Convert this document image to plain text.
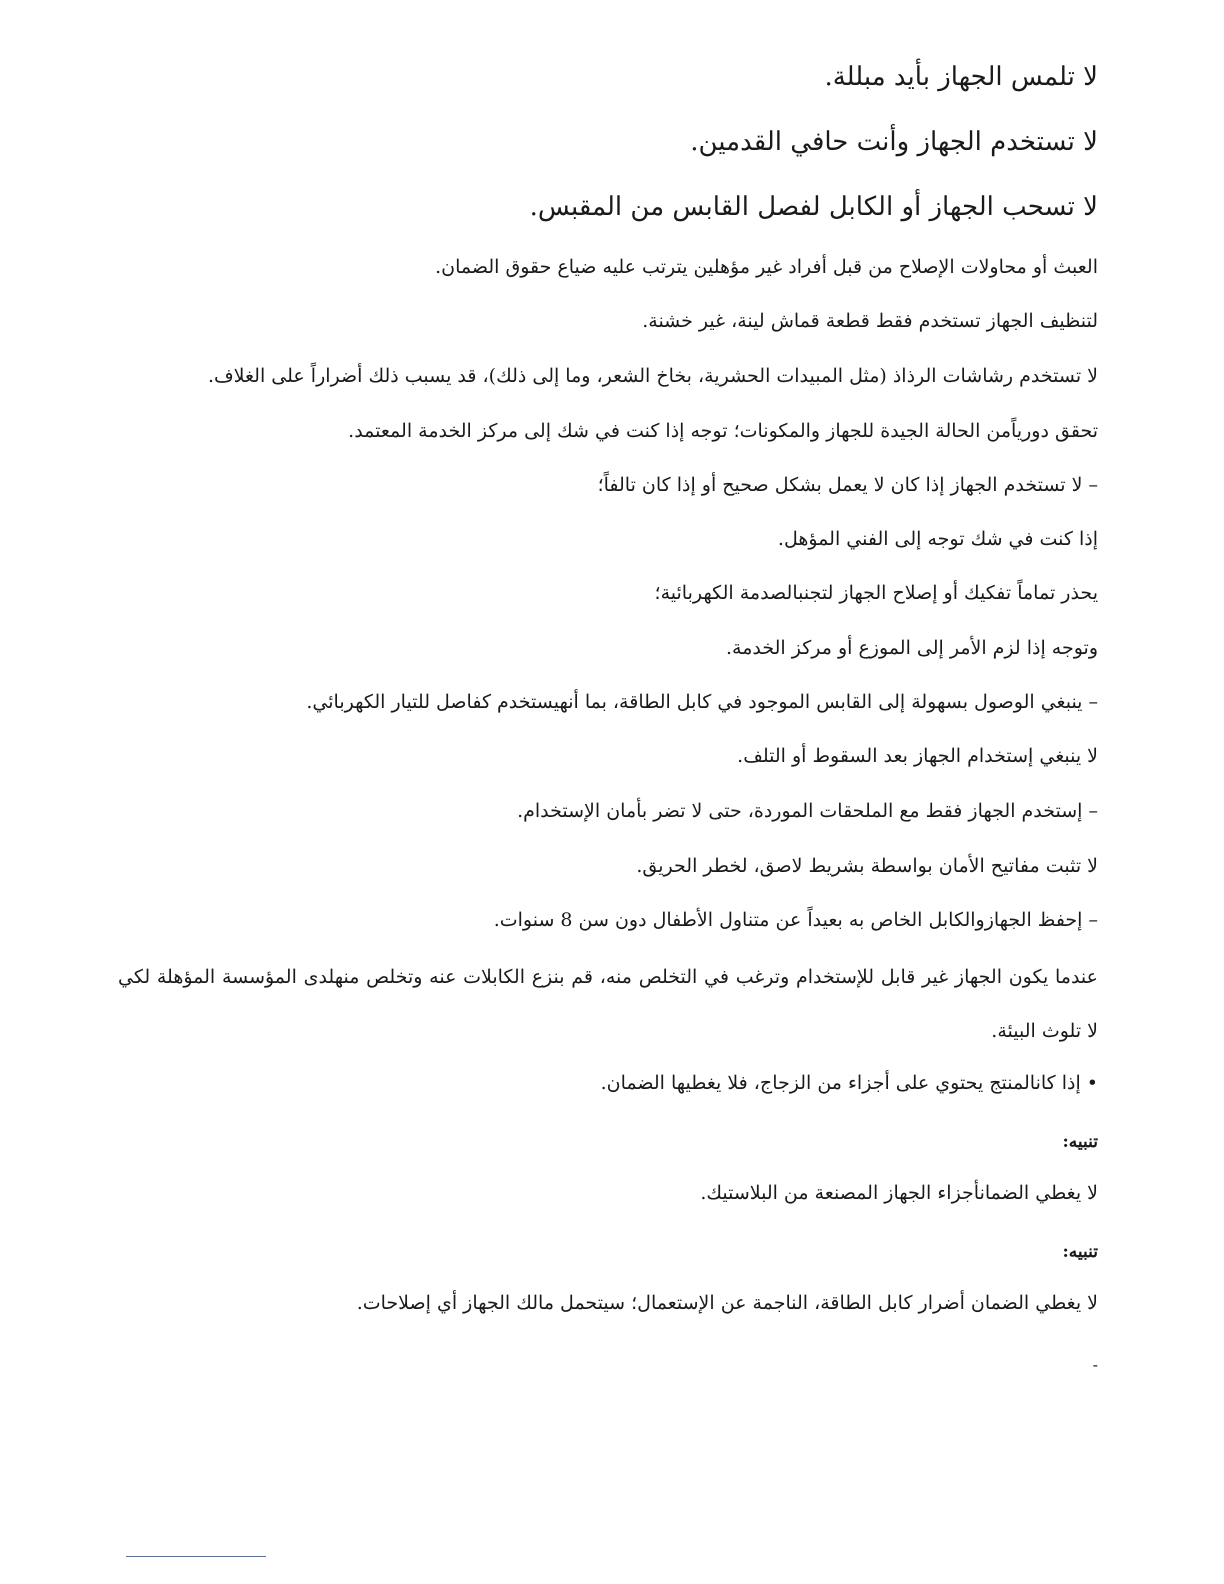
لا تلمس الجهاز بأيد مبللة.

لا تستخدم الجهاز وأنت حافي القدمين.

لا تسحب الجهاز أو الكابل لفصل القابس من المقبس.

العبث أو محاولات الإصلاح من قبل أفراد غير مؤهلين يترتب عليه ضياع حقوق الضمان.

لتنظيف الجهاز تستخدم فقط قطعة قماش لينة، غير خشنة.

لا تستخدم رشاشات الرذاذ (مثل المبيدات الحشرية، بخاخ الشعر، وما إلى ذلك)، قد يسبب ذلك أضراراً على الغلاف.

تحقق دورياًمن الحالة الجيدة للجهاز والمكونات؛ توجه إذا كنت في شك إلى مركز الخدمة المعتمد.

– لا تستخدم الجهاز إذا كان لا يعمل بشكل صحيح أو إذا كان تالفاً؛

إذا كنت في شك توجه إلى الفني المؤهل.

يحذر تماماً تفكيك أو إصلاح الجهاز لتجنبالصدمة الكهربائية؛

وتوجه إذا لزم الأمر إلى الموزع أو مركز الخدمة.

– ينبغي الوصول بسهولة إلى القابس الموجود في كابل الطاقة، بما أنهيستخدم كفاصل للتيار الكهربائي.

لا ينبغي إستخدام الجهاز بعد السقوط أو التلف.

– إستخدم الجهاز فقط مع الملحقات الموردة، حتى لا تضر بأمان الإستخدام.

لا تثبت مفاتيح الأمان بواسطة بشريط لاصق، لخطر الحريق.

– إحفظ الجهازوالكابل الخاص به بعيداً عن متناول الأطفال دون سن 8 سنوات.

عندما يكون الجهاز غير قابل للإستخدام وترغب في التخلص منه، قم بنزع الكابلات عنه وتخلص منهلدى المؤسسة المؤهلة لكي لا تلوث البيئة.

• إذا كانالمنتج يحتوي على أجزاء من الزجاج، فلا يغطيها الضمان.

تنبيه:

لا يغطي الضمانأجزاء الجهاز المصنعة من البلاستيك.

تنبيه:

لا يغطي الضمان أضرار كابل الطاقة، الناجمة عن الإستعمال؛ سيتحمل مالك الجهاز أي إصلاحات.

-
